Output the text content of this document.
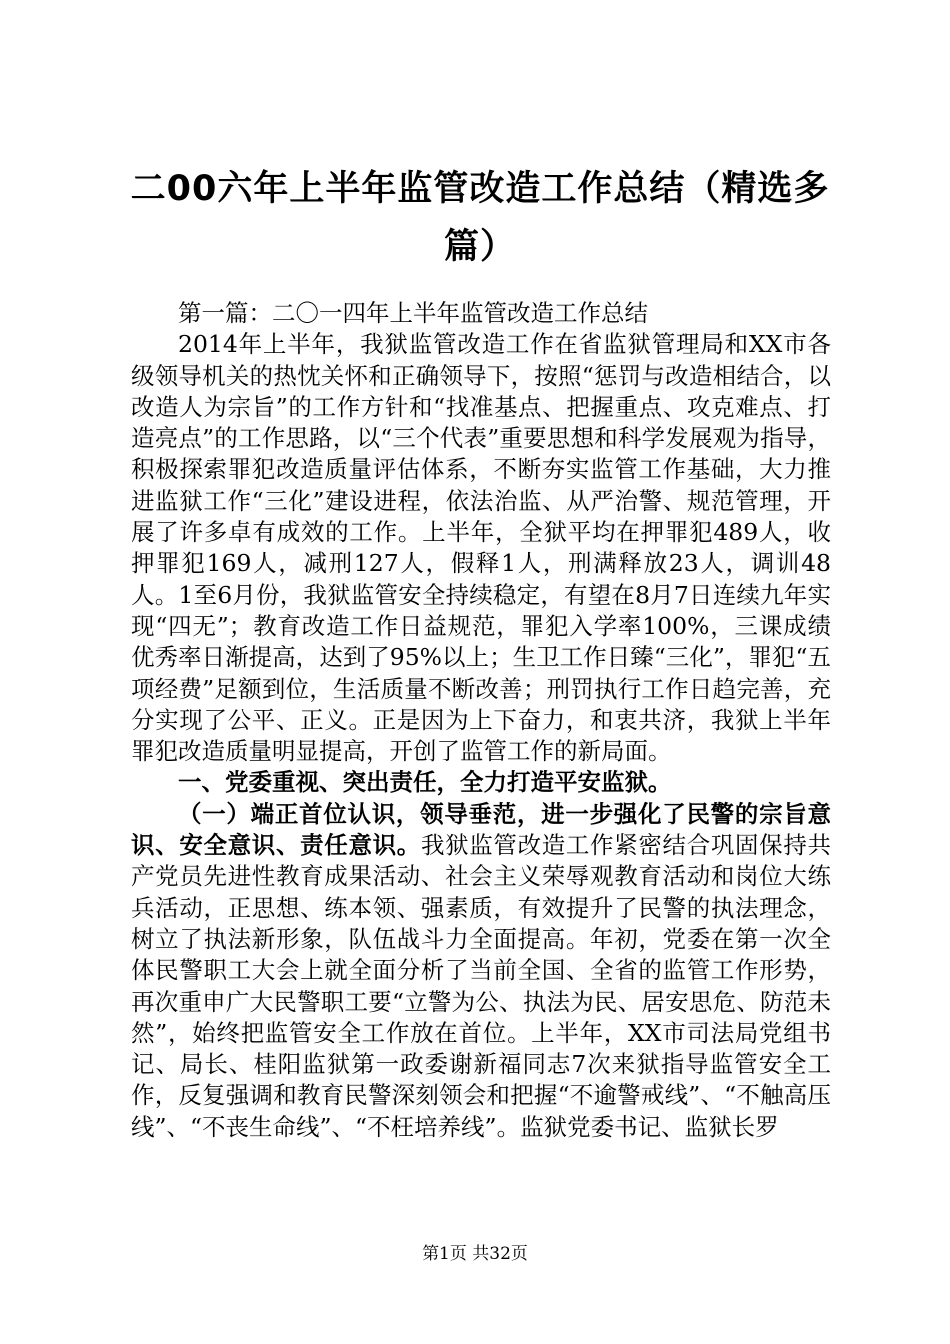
二00六年上半年监管改造工作总结（精选多篇）

第一篇：二〇一四年上半年监管改造工作总结

2014年上半年，我狱监管改造工作在省监狱管理局和XX市各级领导机关的热忱关怀和正确领导下，按照“惩罚与改造相结合，以改造人为宗旨”的工作方针和“找准基点、把握重点、攻克难点、打造亮点”的工作思路，以“三个代表”重要思想和科学发展观为指导，积极探索罪犯改造质量评估体系，不断夯实监管工作基础，大力推进监狱工作“三化”建设进程，依法治监、从严治警、规范管理，开展了许多卓有成效的工作。上半年，全狱平均在押罪犯489人，收押罪犯169人，减刑127人，假释1人，刑满释放23人，调训48人。1至6月份，我狱监管安全持续稳定，有望在8月7日连续九年实现“四无”；教育改造工作日益规范，罪犯入学率100%，三课成绩优秀率日渐提高，达到了95%以上；生卫工作日臻“三化”，罪犯“五项经费”足额到位，生活质量不断改善；刑罚执行工作日趋完善，充分实现了公平、正义。正是因为上下奋力，和衷共济，我狱上半年罪犯改造质量明显提高，开创了监管工作的新局面。

一、党委重视、突出责任，全力打造平安监狱。

（一）端正首位认识，领导垂范，进一步强化了民警的宗旨意识、安全意识、责任意识。我狱监管改造工作紧密结合巩固保持共产党员先进性教育成果活动、社会主义荣辱观教育活动和岗位大练兵活动，正思想、练本领、强素质，有效提升了民警的执法理念，树立了执法新形象，队伍战斗力全面提高。年初，党委在第一次全体民警职工大会上就全面分析了当前全国、全省的监管工作形势，再次重申广大民警职工要“立警为公、执法为民、居安思危、防范未然”，始终把监管安全工作放在首位。上半年，XX市司法局党组书记、局长、桂阳监狱第一政委谢新福同志7次来狱指导监管安全工作，反复强调和教育民警深刻领会和把握“不逾警戒线”、“不触高压线”、“不丧生命线”、“不枉培养线”。监狱党委书记、监狱长罗

第1页 共32页
